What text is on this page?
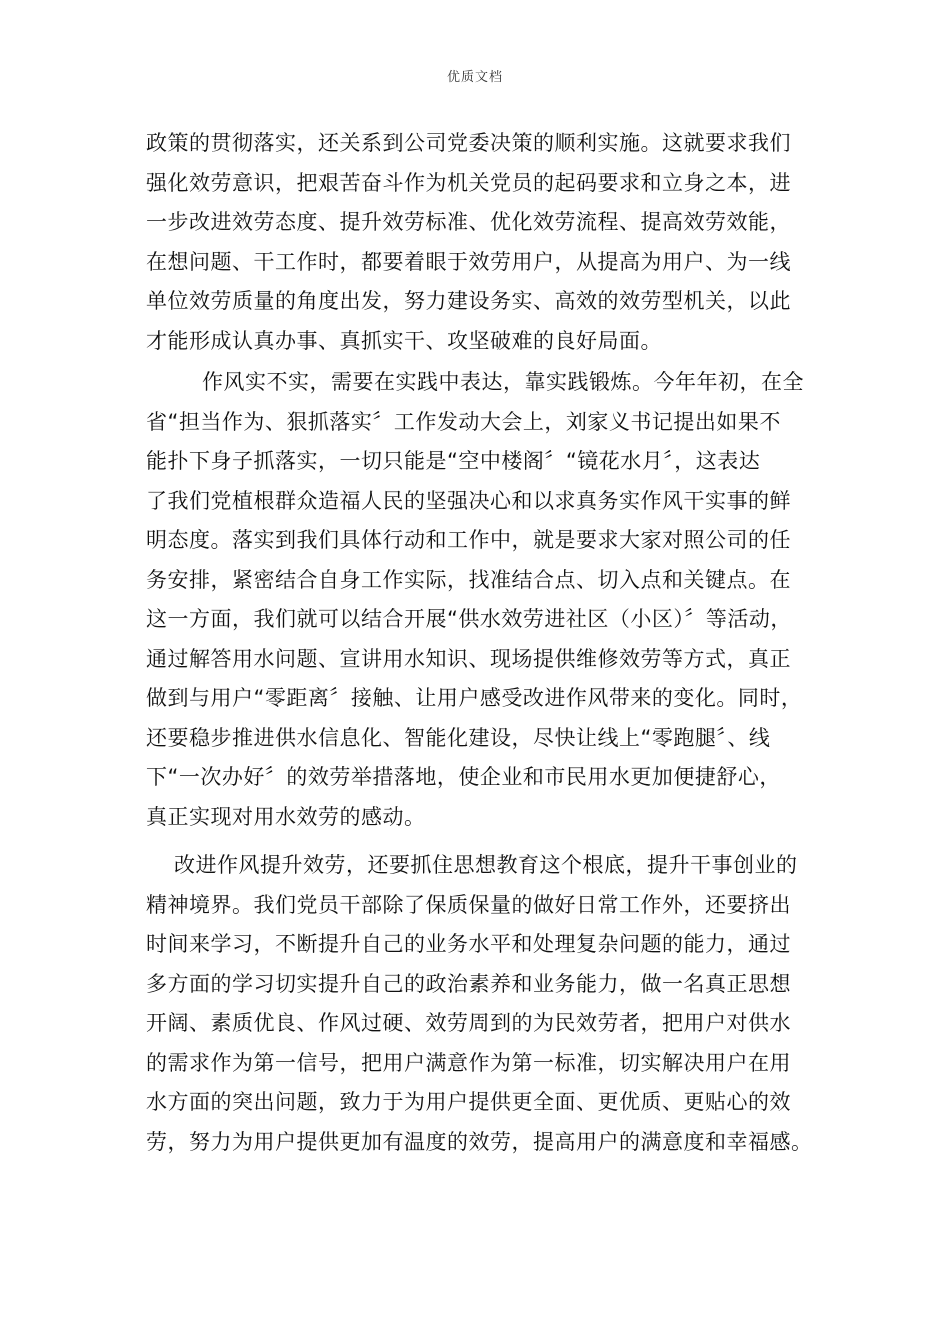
优质文档
政策的贯彻落实，还关系到公司党委决策的顺利实施。这就要求我们
强化效劳意识，把艰苦奋斗作为机关党员的起码要求和立身之本，进
一步改进效劳态度、提升效劳标准、优化效劳流程、提高效劳效能，
在想问题、干工作时，都要着眼于效劳用户，从提高为用户、为一线
单位效劳质量的角度出发，努力建设务实、高效的效劳型机关，以此
才能形成认真办事、真抓实干、攻坚破难的良好局面。
作风实不实，需要在实践中表达，靠实践锻炼。今年年初，在全
省“担当作为、狠抓落实〞工作发动大会上，刘家义书记提出如果不
能扑下身子抓落实，一切只能是“空中楼阁〞“镜花水月〞，这表达
了我们党植根群众造福人民的坚强决心和以求真务实作风干实事的鲜
明态度。落实到我们具体行动和工作中，就是要求大家对照公司的任
务安排，紧密结合自身工作实际，找准结合点、切入点和关键点。在
这一方面，我们就可以结合开展“供水效劳进社区（小区）〞等活动，
通过解答用水问题、宣讲用水知识、现场提供维修效劳等方式，真正
做到与用户“零距离〞接触、让用户感受改进作风带来的变化。同时，
还要稳步推进供水信息化、智能化建设，尽快让线上“零跑腿〞、线
下“一次办好〞的效劳举措落地，使企业和市民用水更加便捷舒心，
真正实现对用水效劳的感动。
改进作风提升效劳，还要抓住思想教育这个根底，提升干事创业的
精神境界。我们党员干部除了保质保量的做好日常工作外，还要挤出
时间来学习，不断提升自己的业务水平和处理复杂问题的能力，通过
多方面的学习切实提升自己的政治素养和业务能力，做一名真正思想
开阔、素质优良、作风过硬、效劳周到的为民效劳者，把用户对供水
的需求作为第一信号，把用户满意作为第一标准，切实解决用户在用
水方面的突出问题，致力于为用户提供更全面、更优质、更贴心的效
劳，努力为用户提供更加有温度的效劳，提高用户的满意度和幸福感。
